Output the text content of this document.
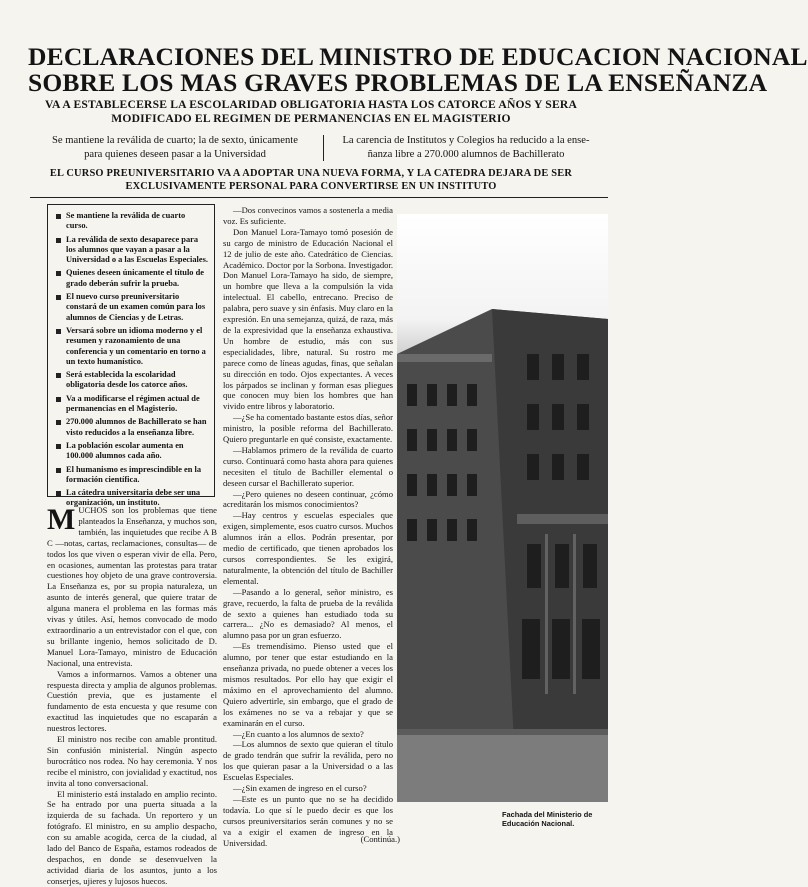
DECLARACIONES DEL MINISTRO DE EDUCACION NACIONAL
SOBRE LOS MAS GRAVES PROBLEMAS DE LA ENSEÑANZA
VA A ESTABLECERSE LA ESCOLARIDAD OBLIGATORIA HASTA LOS CATORCE AÑOS Y SERA
MODIFICADO EL REGIMEN DE PERMANENCIAS EN EL MAGISTERIO
Se mantiene la reválida de cuarto; la de sexto, únicamente
para quienes deseen pasar a la Universidad
La carencia de Institutos y Colegios ha reducido a la ense-
ñanza libre a 270.000 alumnos de Bachillerato
EL CURSO PREUNIVERSITARIO VA A ADOPTAR UNA NUEVA FORMA, Y LA CATEDRA DEJARA DE SER
EXCLUSIVAMENTE PERSONAL PARA CONVERTIRSE EN UN INSTITUTO
Se mantiene la reválida de cuarto curso.
La reválida de sexto desaparece para los alumnos que vayan a pasar a la Universidad o a las Escuelas Especiales.
Quienes deseen únicamente el título de grado deberán sufrir la prueba.
El nuevo curso preuniversitario constará de un examen común para los alumnos de Ciencias y de Letras.
Versará sobre un idioma moderno y el resumen y razonamiento de una conferencia y un comentario en torno a un texto humanístico.
Será establecida la escolaridad obligatoria desde los catorce años.
Va a modificarse el régimen actual de permanencias en el Magisterio.
270.000 alumnos de Bachillerato se han visto reducidos a la enseñanza libre.
La población escolar aumenta en 100.000 alumnos cada año.
El humanismo es imprescindible en la formación científica.
La cátedra universitaria debe ser una organización, un instituto.

MUCHOS son los problemas que tiene planteados la Enseñanza, y muchos son, también, las inquietudes que recibe A B C —notas, cartas, reclamaciones, consultas— de todos los que viven o esperan vivir de ella. Pero, en ocasiones, aumentan las protestas para tratar cuestiones hoy objeto de una grave controversia. La Enseñanza es, por su propia naturaleza, un asunto de interés general, que quiere tratar de alguna manera el problema en las formas más vivas y útiles. Así, hemos convocado de modo extraordinario a un entrevistador con el que, con su brillante ingenio, hemos solicitado de D. Manuel Lora-Tamayo, ministro de Educación Nacional, una entrevista.

Vamos a informarnos. Vamos a obtener una respuesta directa y amplia de algunos problemas. Cuestión previa, que es justamente el fundamento de esta encuesta y que resume con exactitud las inquietudes que no escaparán a nuestros lectores.

El ministro nos recibe con amable prontitud. Sin confusión ministerial. Ningún aspecto burocrático nos rodea. No hay ceremonia. Y nos recibe el ministro, con jovialidad y exactitud, nos invita al tono conversacional.

El ministerio está instalado en amplio recinto. Se ha entrado por una puerta situada a la izquierda de su fachada. Un reportero y un fotógrafo. El ministro, en su amplio despacho, con su amable acogida, cerca de la ciudad, al lado del Banco de España, estamos rodeados de despachos, en donde se desenvuelven la actividad diaria de los asuntos, junto a los conserjes, ujieres y lujosos huecos.

—Dos convecinos vamos a sostenerla a media voz. Es suficiente.

Don Manuel Lora-Tamayo tomó posesión de su cargo de ministro de Educación Nacional el 12 de julio de este año. Catedrático de Ciencias. Académico. Doctor por la Sorbona. Investigador. Don Manuel Lora-Tamayo ha sido, de siempre, un hombre que lleva a la compulsión la vida intelectual. El cabello, entrecano. Preciso de palabra, pero suave y sin énfasis. Muy claro en la expresión. En una semejanza, quizá, de raza, más de la expresividad que la enseñanza exhaustiva. Un hombre de estudio, más con sus especialidades, libre, natural. Su rostro me parece como de líneas agudas, finas, que señalan su dirección en todo. Ojos expectantes. A veces los párpados se inclinan y forman esas pliegues que conocen muy bien los hombres que han vivido entre libros y laboratorio.

—¿Se ha comentado bastante estos días, señor ministro, la posible reforma del Bachillerato. Quiero preguntarle en qué consiste, exactamente.

—Hablamos primero de la reválida de cuarto curso. Continuará como hasta ahora para quienes necesiten el título de Bachiller elemental o deseen cursar el Bachillerato superior.

—¿Pero quienes no deseen continuar, ¿cómo acreditarán los mismos conocimientos?

—Hay centros y escuelas especiales que exigen, simplemente, esos cuatro cursos. Muchos alumnos irán a ellos. Podrán presentar, por medio de certificado, que tienen aprobados los cursos correspondientes. Se les exigirá, naturalmente, la obtención del título de Bachiller elemental.

—Pasando a lo general, señor ministro, es grave, recuerdo, la falta de prueba de la reválida de sexto a quienes han estudiado toda su carrera... ¿No es demasiado? Al menos, el alumno pasa por un gran esfuerzo.

—Es tremendísimo. Pienso usted que el alumno, por tener que estar estudiando en la enseñanza privada, no puede obtener a veces los mismos resultados. Por ello hay que exigir el máximo en el aprovechamiento del alumno. Quiero advertirle, sin embargo, que el grado de los exámenes no se va a rebajar y que se examinarán en el curso.

—¿En cuanto a los alumnos de sexto?

—Los alumnos de sexto que quieran el título de grado tendrán que sufrir la reválida, pero no los que quieran pasar a la Universidad o a las Escuelas Especiales.

—¿Sin examen de ingreso en el curso?

—Este es un punto que no se ha decidido todavía. Lo que sí le puedo decir es que los cursos preuniversitarios serán comunes y no se va a exigir el examen de ingreso en la Universidad.	(Continúa.)
Fachada del Ministerio de Educación Nacional.
